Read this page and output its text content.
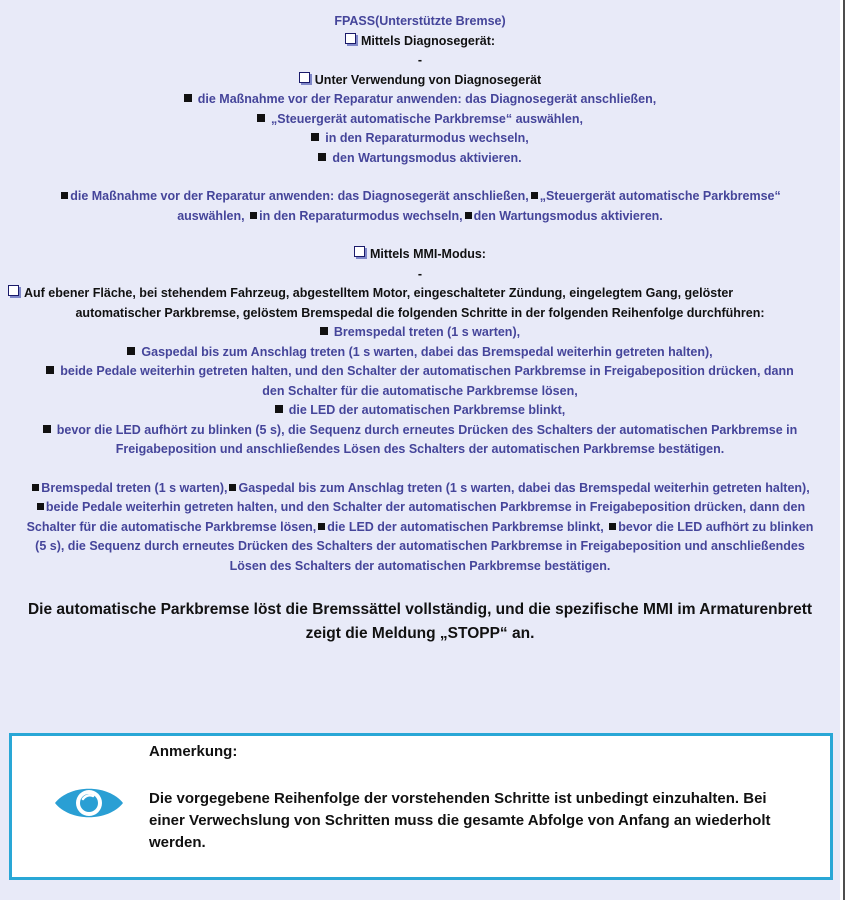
FPASS(Unterstützte Bremse)
Mittels Diagnosegerät:
-
Unter Verwendung von Diagnosegerät
die Maßnahme vor der Reparatur anwenden: das Diagnosegerät anschließen,
„Steuergerät automatische Parkbremse“ auswählen,
in den Reparaturmodus wechseln,
den Wartungsmodus aktivieren.
die Maßnahme vor der Reparatur anwenden: das Diagnosegerät anschließen, „Steuergerät automatische Parkbremse“ auswählen, in den Reparaturmodus wechseln, den Wartungsmodus aktivieren.
Mittels MMI-Modus:
-
Auf ebener Fläche, bei stehendem Fahrzeug, abgestelltem Motor, eingeschalteter Zündung, eingelegtem Gang, gelöster
automatischer Parkbremse, gelöstem Bremspedal die folgenden Schritte in der folgenden Reihenfolge durchführen:
Bremspedal treten (1 s warten),
Gaspedal bis zum Anschlag treten (1 s warten, dabei das Bremspedal weiterhin getreten halten),
beide Pedale weiterhin getreten halten, und den Schalter der automatischen Parkbremse in Freigabeposition drücken, dann den Schalter für die automatische Parkbremse lösen,
die LED der automatischen Parkbremse blinkt,
bevor die LED aufhört zu blinken (5 s), die Sequenz durch erneutes Drücken des Schalters der automatischen Parkbremse in Freigabeposition und anschließendes Lösen des Schalters der automatischen Parkbremse bestätigen.
Bremspedal treten (1 s warten), Gaspedal bis zum Anschlag treten (1 s warten, dabei das Bremspedal weiterhin getreten halten),beide Pedale weiterhin getreten halten, und den Schalter der automatischen Parkbremse in Freigabeposition drücken, dann den Schalter für die automatische Parkbremse lösen, die LED der automatischen Parkbremse blinkt, bevor die LED aufhört zu blinken (5 s), die Sequenz durch erneutes Drücken des Schalters der automatischen Parkbremse in Freigabeposition und anschließendes Lösen des Schalters der automatischen Parkbremse bestätigen.
Die automatische Parkbremse löst die Bremssättel vollständig, und die spezifische MMI im Armaturenbrett zeigt die Meldung „STOPP“ an.
Anmerkung:
Die vorgegebene Reihenfolge der vorstehenden Schritte ist unbedingt einzuhalten. Bei einer Verwechslung von Schritten muss die gesamte Abfolge von Anfang an wiederholt werden.
